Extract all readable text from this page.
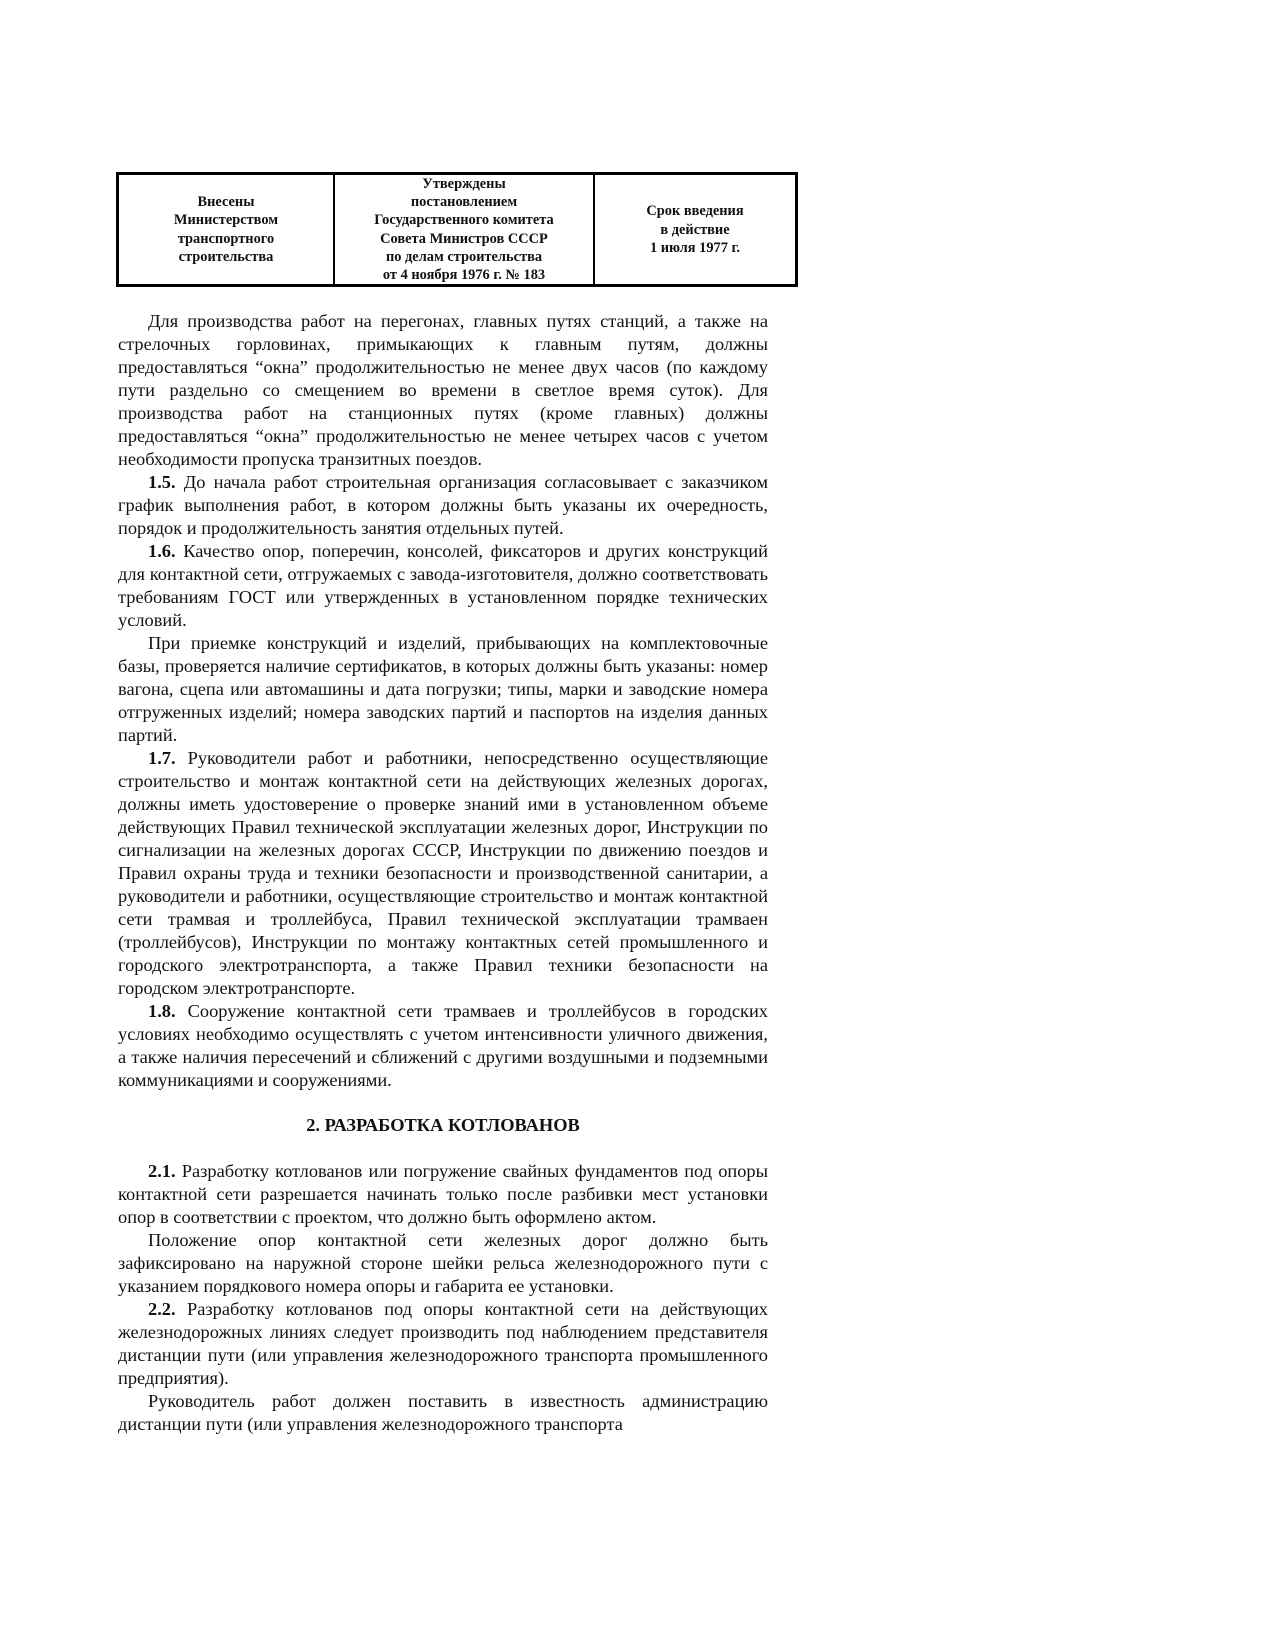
Внесены
Министерством
транспортного
строительства

Утверждены
постановлением
Государственного комитета
Совета Министров СССР
по делам строительства
от 4 ноября 1976 г. № 183

Срок введения
в действие
1 июля 1977 г.

Для производства работ на перегонах, главных путях станций, а также на стрелочных горловинах, примыкающих к главным путям, должны предоставляться “окна” продолжительностью не менее двух часов (по каждому пути раздельно со смещением во времени в светлое время суток). Для производства работ на станционных путях (кроме главных) должны предоставляться “окна” продолжительностью не менее четырех часов с учетом необходимости пропуска транзитных поездов.

1.5. До начала работ строительная организация согласовывает с заказчиком график выполнения работ, в котором должны быть указаны их очередность, порядок и продолжительность занятия отдельных путей.

1.6. Качество опор, поперечин, консолей, фиксаторов и других конструкций для контактной сети, отгружаемых с завода-изготовителя, должно соответствовать требованиям ГОСТ или утвержденных в установленном порядке технических условий.

При приемке конструкций и изделий, прибывающих на комплектовочные базы, проверяется наличие сертификатов, в которых должны быть указаны: номер вагона, сцепа или автомашины и дата погрузки; типы, марки и заводские номера отгруженных изделий; номера заводских партий и паспортов на изделия данных партий.

1.7. Руководители работ и работники, непосредственно осуществляющие строительство и монтаж контактной сети на действующих железных дорогах, должны иметь удостоверение о проверке знаний ими в установленном объеме действующих Правил технической эксплуатации железных дорог, Инструкции по сигнализации на железных дорогах СССР, Инструкции по движению поездов и Правил охраны труда и техники безопасности и производственной санитарии, а руководители и работники, осуществляющие строительство и монтаж контактной сети трамвая и троллейбуса, Правил технической эксплуатации трамваен (троллейбусов), Инструкции по монтажу контактных сетей промышленного и городского электротранспорта, а также Правил техники безопасности на городском электротранспорте.

1.8. Сооружение контактной сети трамваев и троллейбусов в городских условиях необходимо осуществлять с учетом интенсивности уличного движения, а также наличия пересечений и сближений с другими воздушными и подземными коммуникациями и сооружениями.

2. РАЗРАБОТКА КОТЛОВАНОВ

2.1. Разработку котлованов или погружение свайных фундаментов под опоры контактной сети разрешается начинать только после разбивки мест установки опор в соответствии с проектом, что должно быть оформлено актом.

Положение опор контактной сети железных дорог должно быть зафиксировано на наружной стороне шейки рельса железнодорожного пути с указанием порядкового номера опоры и габарита ее установки.

2.2. Разработку котлованов под опоры контактной сети на действующих железнодорожных линиях следует производить под наблюдением представителя дистанции пути (или управления железнодорожного транспорта промышленного предприятия).

Руководитель работ должен поставить в известность администрацию дистанции пути (или управления железнодорожного транспорта
